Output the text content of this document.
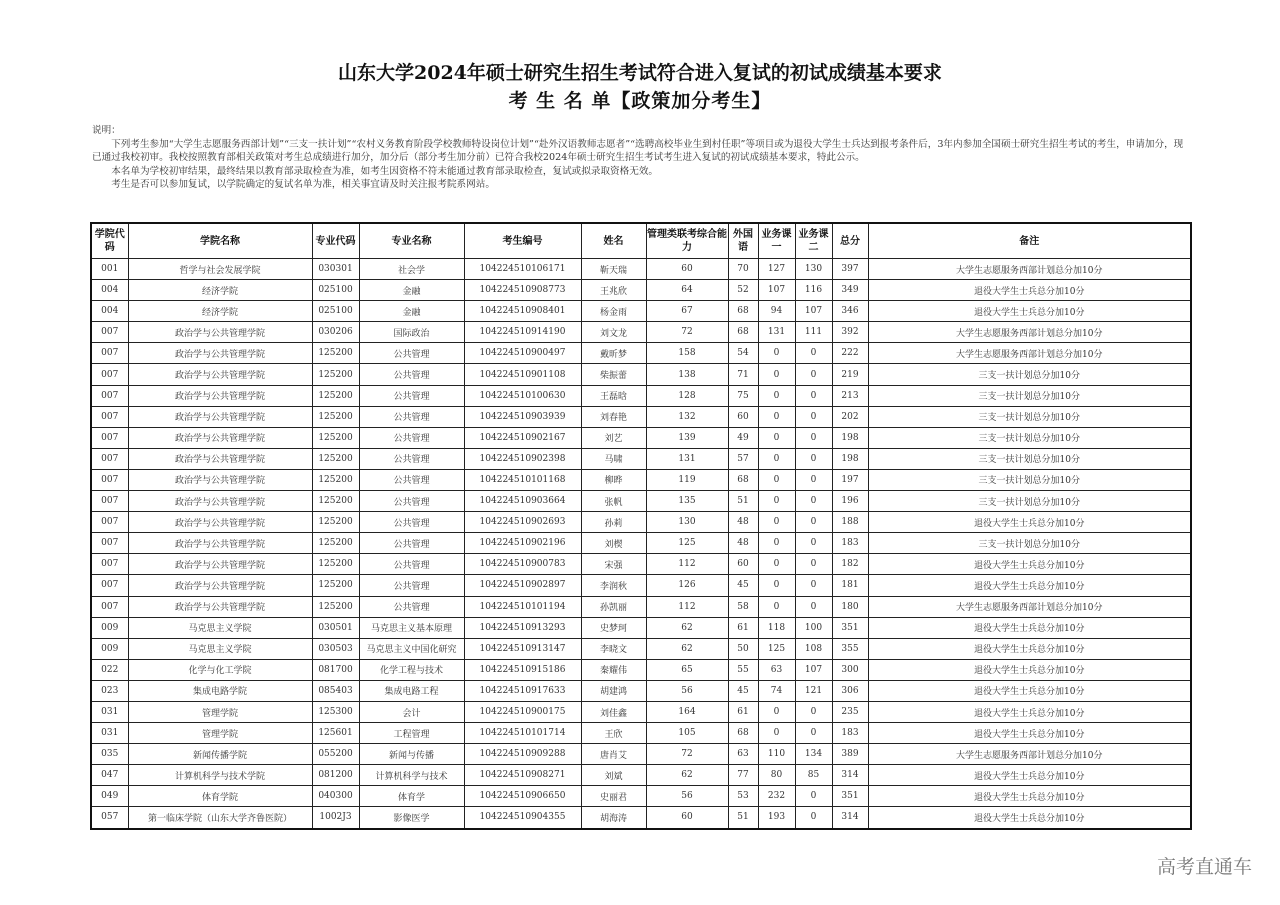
山东大学2024年硕士研究生招生考试符合进入复试的初试成绩基本要求
考 生 名 单【政策加分考生】

说明：

下列考生参加“大学生志愿服务西部计划”“三支一扶计划”“农村义务教育阶段学校教师特设岗位计划”“赴外汉语教师志愿者”“选聘高校毕业生到村任职”等项目或为退役大学生士兵达到报考条件后，3年内参加全国硕士研究生招生考试的考生，申请加分，现已通过我校初审。我校按照教育部相关政策对考生总成绩进行加分，加分后（部分考生加分前）已符合我校2024年硕士研究生招生考试考生进入复试的初试成绩基本要求，特此公示。

本名单为学校初审结果，最终结果以教育部录取检查为准，如考生因资格不符未能通过教育部录取检查，复试或拟录取资格无效。

考生是否可以参加复试，以学院确定的复试名单为准，相关事宜请及时关注报考院系网站。

学院代码	学院名称	专业代码	专业名称	考生编号	姓名	管理类联考综合能力	外国语	业务课一	业务课二	总分	备注
001	哲学与社会发展学院	030301	社会学	104224510106171	靳天瑞	60	70	127	130	397	大学生志愿服务西部计划总分加10分
004	经济学院	025100	金融	104224510908773	王兆欣	64	52	107	116	349	退役大学生士兵总分加10分
004	经济学院	025100	金融	104224510908401	杨金雨	67	68	94	107	346	退役大学生士兵总分加10分
007	政治学与公共管理学院	030206	国际政治	104224510914190	刘文龙	72	68	131	111	392	大学生志愿服务西部计划总分加10分
007	政治学与公共管理学院	125200	公共管理	104224510900497	戴昕梦	158	54	0	0	222	大学生志愿服务西部计划总分加10分
007	政治学与公共管理学院	125200	公共管理	104224510901108	柴振蕾	138	71	0	0	219	三支一扶计划总分加10分
007	政治学与公共管理学院	125200	公共管理	104224510100630	王磊晗	128	75	0	0	213	三支一扶计划总分加10分
007	政治学与公共管理学院	125200	公共管理	104224510903939	刘春艳	132	60	0	0	202	三支一扶计划总分加10分
007	政治学与公共管理学院	125200	公共管理	104224510902167	刘艺	139	49	0	0	198	三支一扶计划总分加10分
007	政治学与公共管理学院	125200	公共管理	104224510902398	马啸	131	57	0	0	198	三支一扶计划总分加10分
007	政治学与公共管理学院	125200	公共管理	104224510101168	柳晔	119	68	0	0	197	三支一扶计划总分加10分
007	政治学与公共管理学院	125200	公共管理	104224510903664	张帆	135	51	0	0	196	三支一扶计划总分加10分
007	政治学与公共管理学院	125200	公共管理	104224510902693	孙莉	130	48	0	0	188	退役大学生士兵总分加10分
007	政治学与公共管理学院	125200	公共管理	104224510902196	刘楔	125	48	0	0	183	三支一扶计划总分加10分
007	政治学与公共管理学院	125200	公共管理	104224510900783	宋强	112	60	0	0	182	退役大学生士兵总分加10分
007	政治学与公共管理学院	125200	公共管理	104224510902897	李润秋	126	45	0	0	181	退役大学生士兵总分加10分
007	政治学与公共管理学院	125200	公共管理	104224510101194	孙凯丽	112	58	0	0	180	大学生志愿服务西部计划总分加10分
009	马克思主义学院	030501	马克思主义基本原理	104224510913293	史梦珂	62	61	118	100	351	退役大学生士兵总分加10分
009	马克思主义学院	030503	马克思主义中国化研究	104224510913147	李晓文	62	50	125	108	355	退役大学生士兵总分加10分
022	化学与化工学院	081700	化学工程与技术	104224510915186	秦耀伟	65	55	63	107	300	退役大学生士兵总分加10分
023	集成电路学院	085403	集成电路工程	104224510917633	胡建鸿	56	45	74	121	306	退役大学生士兵总分加10分
031	管理学院	125300	会计	104224510900175	刘佳鑫	164	61	0	0	235	退役大学生士兵总分加10分
031	管理学院	125601	工程管理	104224510101714	王欣	105	68	0	0	183	退役大学生士兵总分加10分
035	新闻传播学院	055200	新闻与传播	104224510909288	唐肖艾	72	63	110	134	389	大学生志愿服务西部计划总分加10分
047	计算机科学与技术学院	081200	计算机科学与技术	104224510908271	刘斌	62	77	80	85	314	退役大学生士兵总分加10分
049	体育学院	040300	体育学	104224510906650	史丽君	56	53	232	0	351	退役大学生士兵总分加10分
057	第一临床学院（山东大学齐鲁医院）	1002J3	影像医学	104224510904355	胡海涛	60	51	193	0	314	退役大学生士兵总分加10分
高考直通车
